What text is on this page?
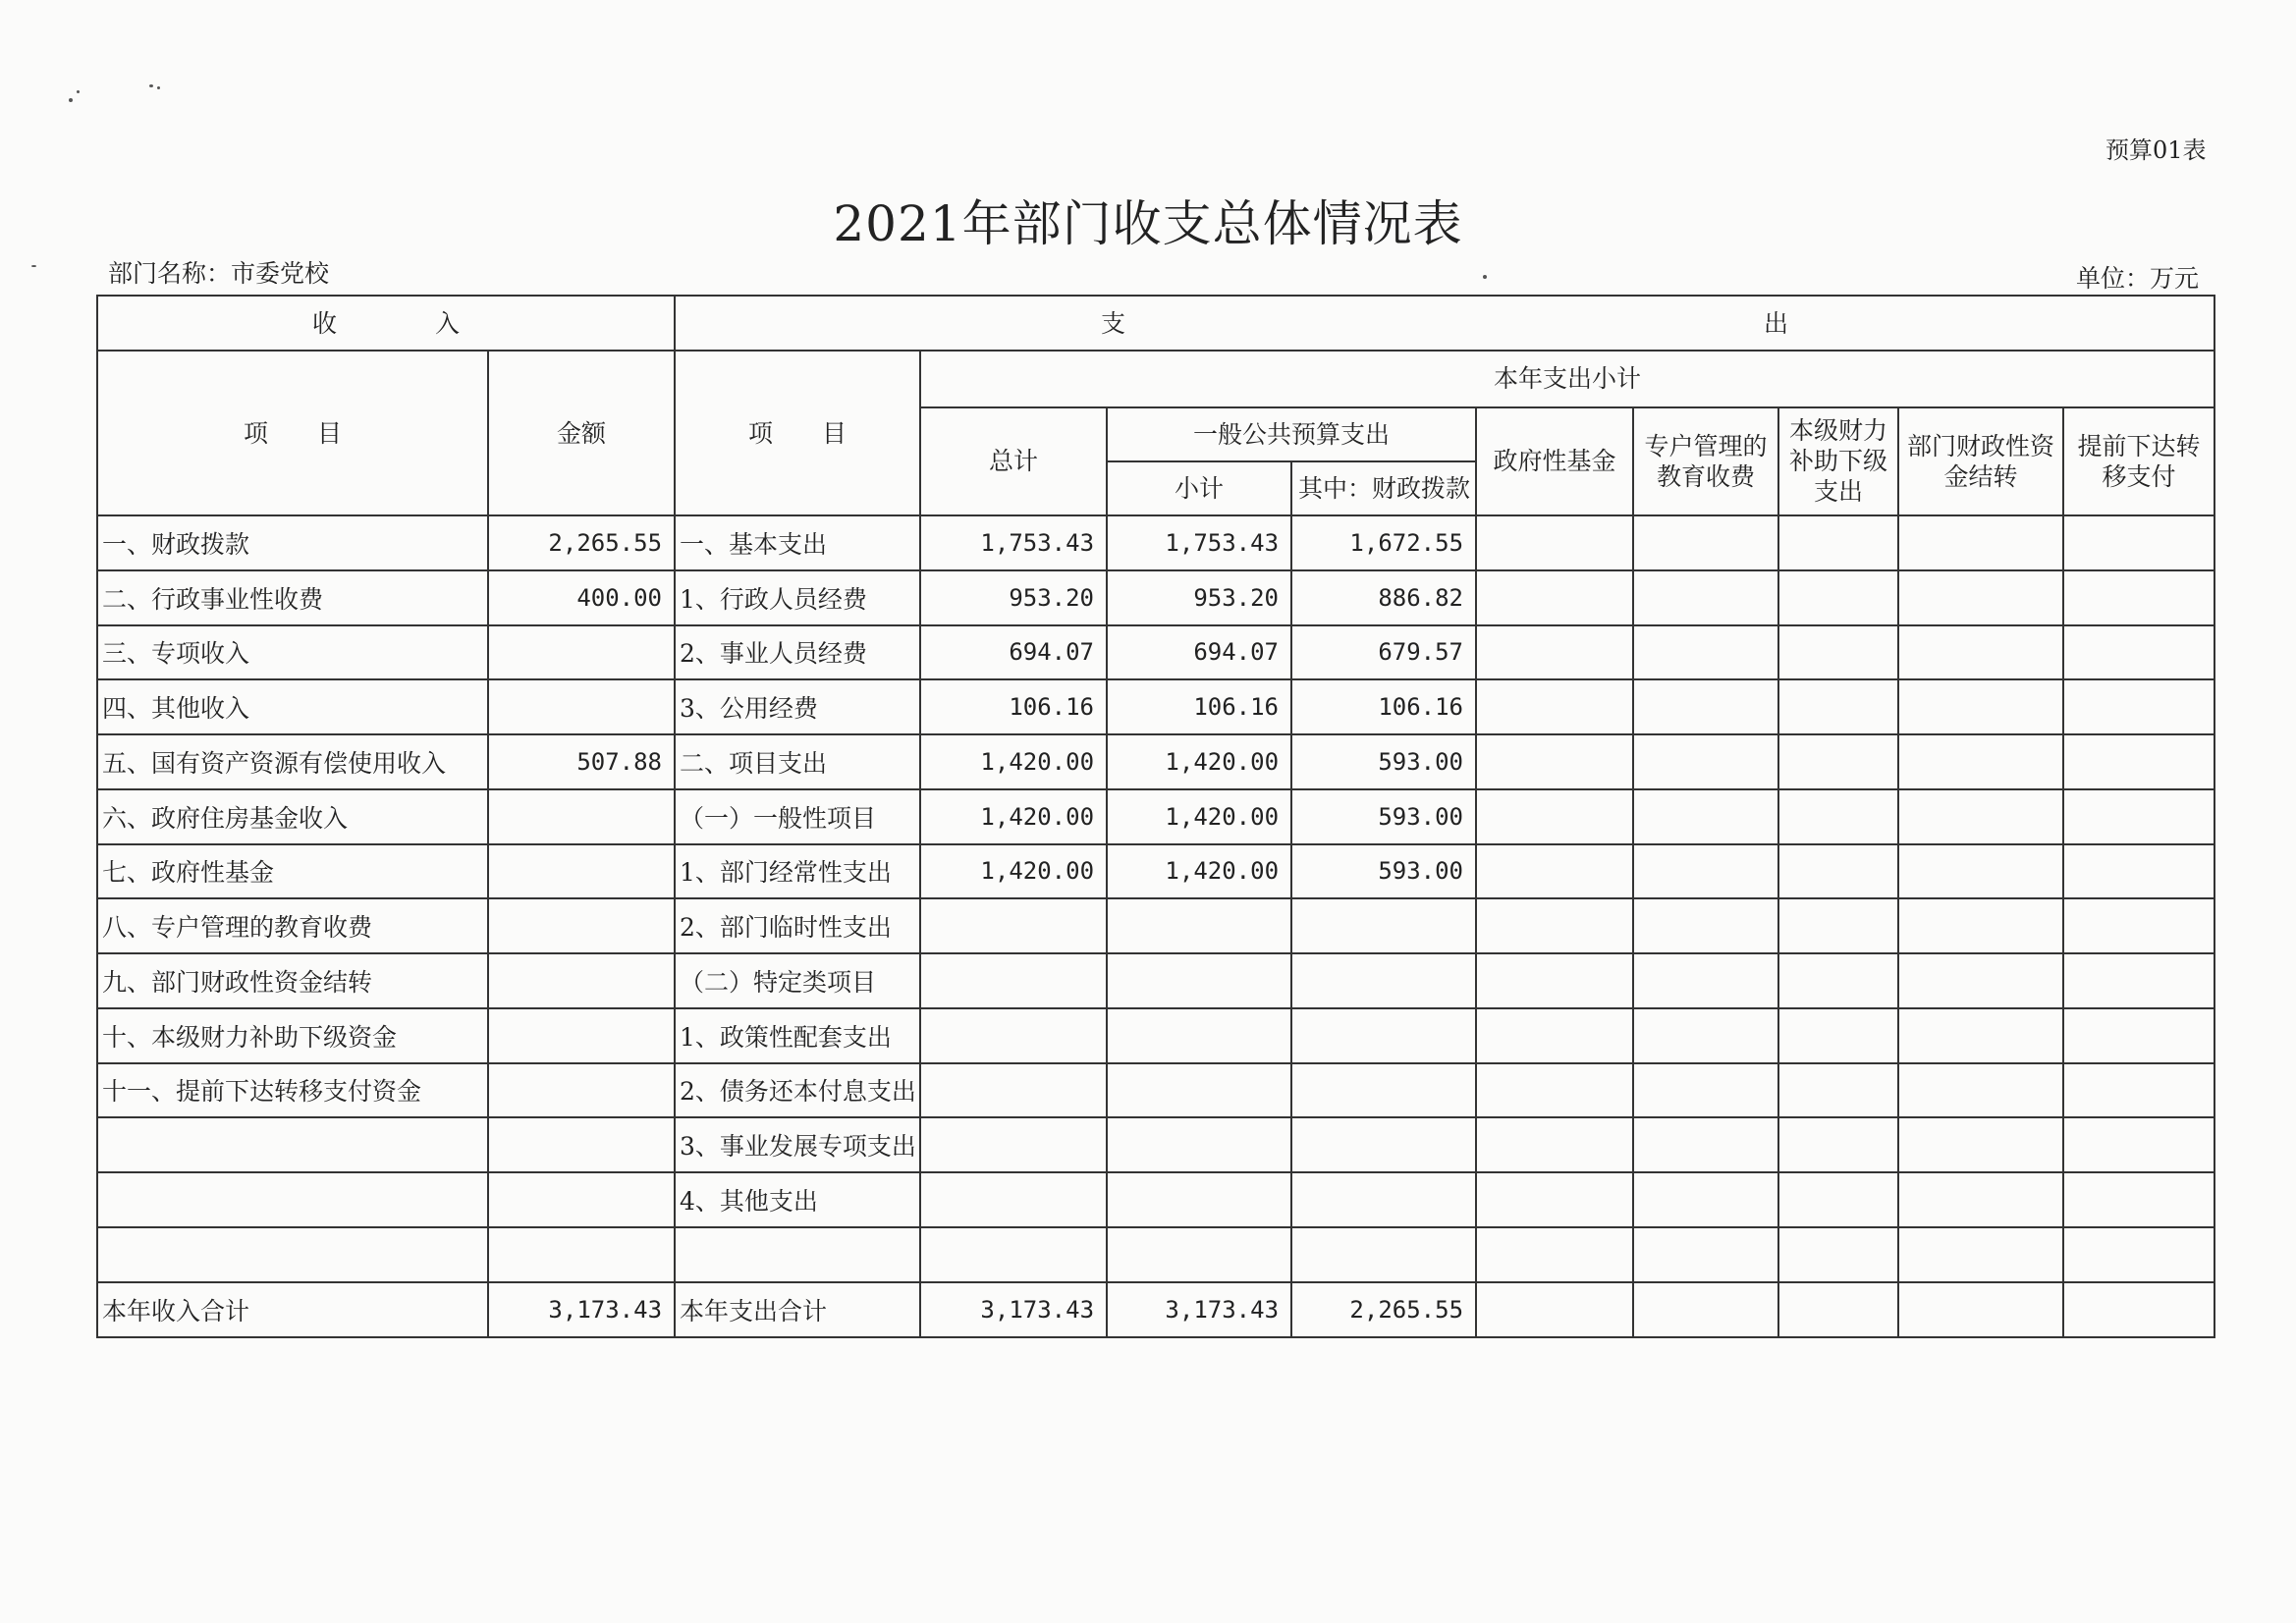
预算01表
2021年部门收支总体情况表
部门名称：市委党校	单位：万元
收　　　　入		支　　　　　　　　　　　　　　　　　　　　　　　　　　出								
项　　目	金额	项　　目	本年支出小计							
			总计	一般公共预算支出		政府性基金	专户管理的教育收费	本级财力补助下级支出	部门财政性资金结转	提前下达转移支付
				小计	其中：财政拨款					
一、财政拨款	2,265.55	一、基本支出	1,753.43	1,753.43	1,672.55					
二、行政事业性收费	400.00	1、行政人员经费	953.20	953.20	886.82					
三、专项收入		2、事业人员经费	694.07	694.07	679.57					
四、其他收入		3、公用经费	106.16	106.16	106.16					
五、国有资产资源有偿使用收入	507.88	二、项目支出	1,420.00	1,420.00	593.00					
六、政府住房基金收入		（一）一般性项目	1,420.00	1,420.00	593.00					
七、政府性基金		1、部门经常性支出	1,420.00	1,420.00	593.00					
八、专户管理的教育收费		2、部门临时性支出								
九、部门财政性资金结转		（二）特定类项目								
十、本级财力补助下级资金		1、政策性配套支出								
十一、提前下达转移支付资金		2、债务还本付息支出								
		3、事业发展专项支出								
		4、其他支出								

本年收入合计	3,173.43	本年支出合计	3,173.43	3,173.43	2,265.55					
